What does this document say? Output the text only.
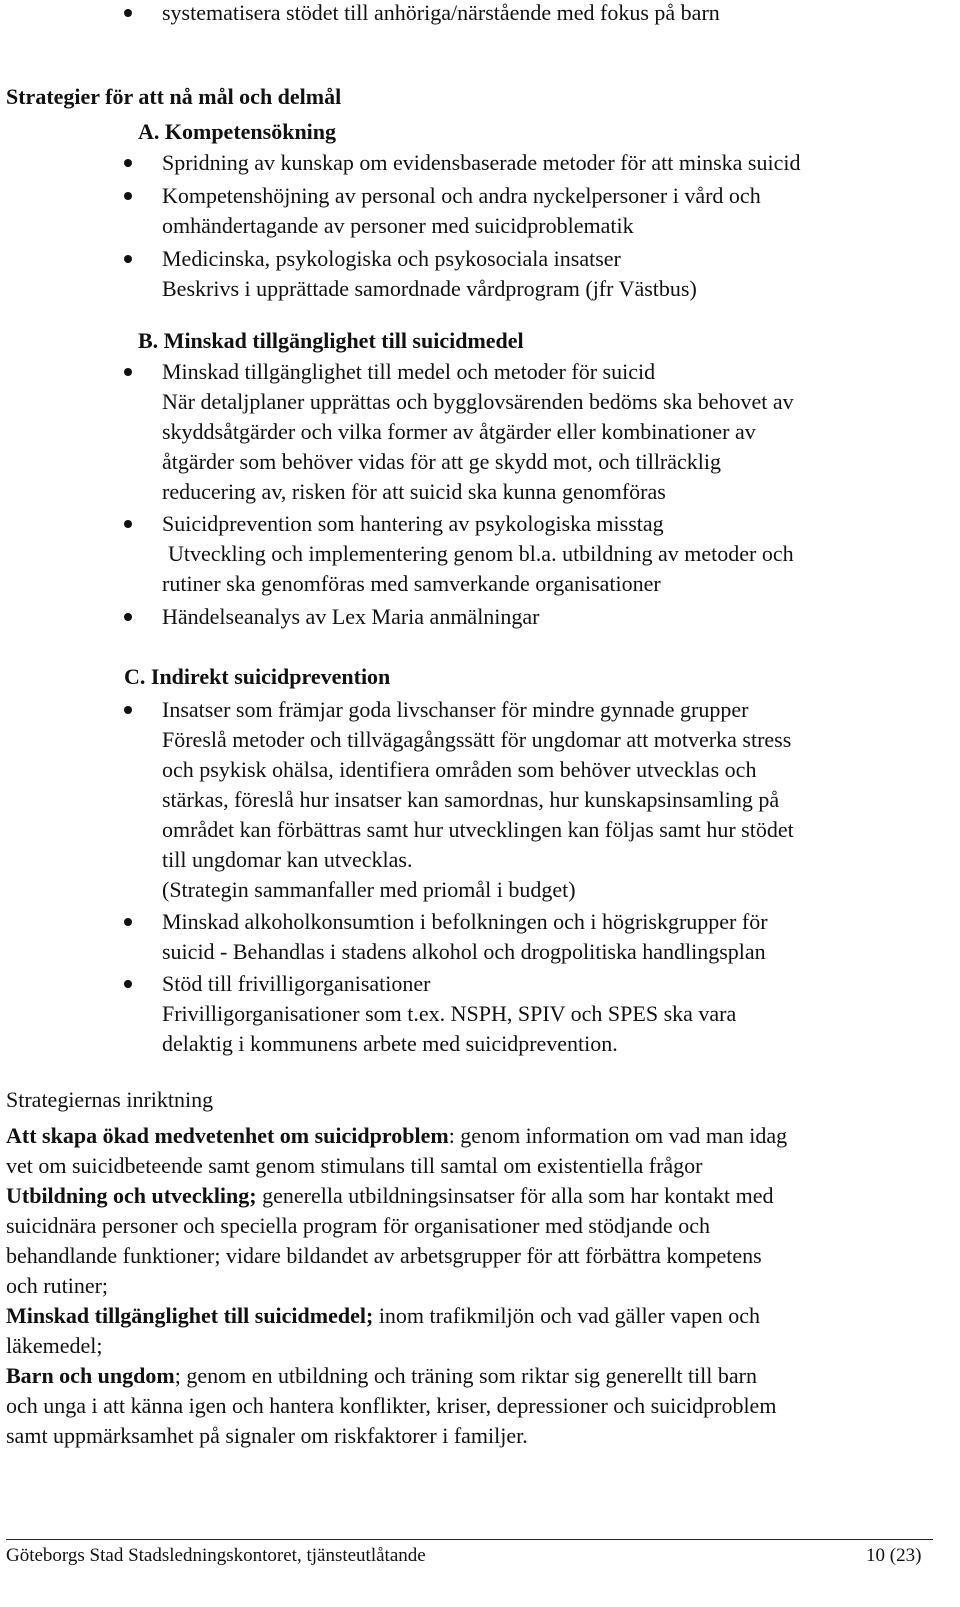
systematisera stödet till anhöriga/närstående med fokus på barn
Strategier för att nå mål och delmål
A. Kompetensökning
Spridning av kunskap om evidensbaserade metoder för att minska suicid
Kompetenshöjning av personal och andra nyckelpersoner i vård och
omhändertagande av personer med suicidproblematik
Medicinska, psykologiska och psykosociala insatser
Beskrivs i upprättade samordnade vårdprogram (jfr Västbus)
B. Minskad tillgänglighet till suicidmedel
Minskad tillgänglighet till medel och metoder för suicid
När detaljplaner upprättas och bygglovsärenden bedöms ska behovet av
skyddsåtgärder och vilka former av åtgärder eller kombinationer av
åtgärder som behöver vidas för att ge skydd mot, och tillräcklig
reducering av, risken för att suicid ska kunna genomföras
Suicidprevention som hantering av psykologiska misstag
Utveckling och implementering genom bl.a. utbildning av metoder och
rutiner ska genomföras med samverkande organisationer
Händelseanalys av Lex Maria anmälningar
C. Indirekt suicidprevention
Insatser som främjar goda livschanser för mindre gynnade grupper
Föreslå metoder och tillvägagångssätt för ungdomar att motverka stress
och psykisk ohälsa, identifiera områden som behöver utvecklas och
stärkas, föreslå hur insatser kan samordnas, hur kunskapsinsamling på
området kan förbättras samt hur utvecklingen kan följas samt hur stödet
till ungdomar kan utvecklas.
(Strategin sammanfaller med priomål i budget)
Minskad alkoholkonsumtion i befolkningen och i högriskgrupper för
suicid - Behandlas i stadens alkohol och drogpolitiska handlingsplan
Stöd till frivilligorganisationer
Frivilligorganisationer som t.ex. NSPH, SPIV och SPES ska vara
delaktig i kommunens arbete med suicidprevention.
Strategiernas inriktning
Att skapa ökad medvetenhet om suicidproblem: genom information om vad man idag
vet om suicidbeteende samt genom stimulans till samtal om existentiella frågor
Utbildning och utveckling; generella utbildningsinsatser för alla som har kontakt med
suicidnära personer och speciella program för organisationer med stödjande och
behandlande funktioner; vidare bildandet av arbetsgrupper för att förbättra kompetens
och rutiner;
Minskad tillgänglighet till suicidmedel; inom trafikmiljön och vad gäller vapen och
läkemedel;
Barn och ungdom; genom en utbildning och träning som riktar sig generellt till barn
och unga i att känna igen och hantera konflikter, kriser, depressioner och suicidproblem
samt uppmärksamhet på signaler om riskfaktorer i familjer.
Göteborgs Stad Stadsledningskontoret, tjänsteutlåtande	10 (23)
